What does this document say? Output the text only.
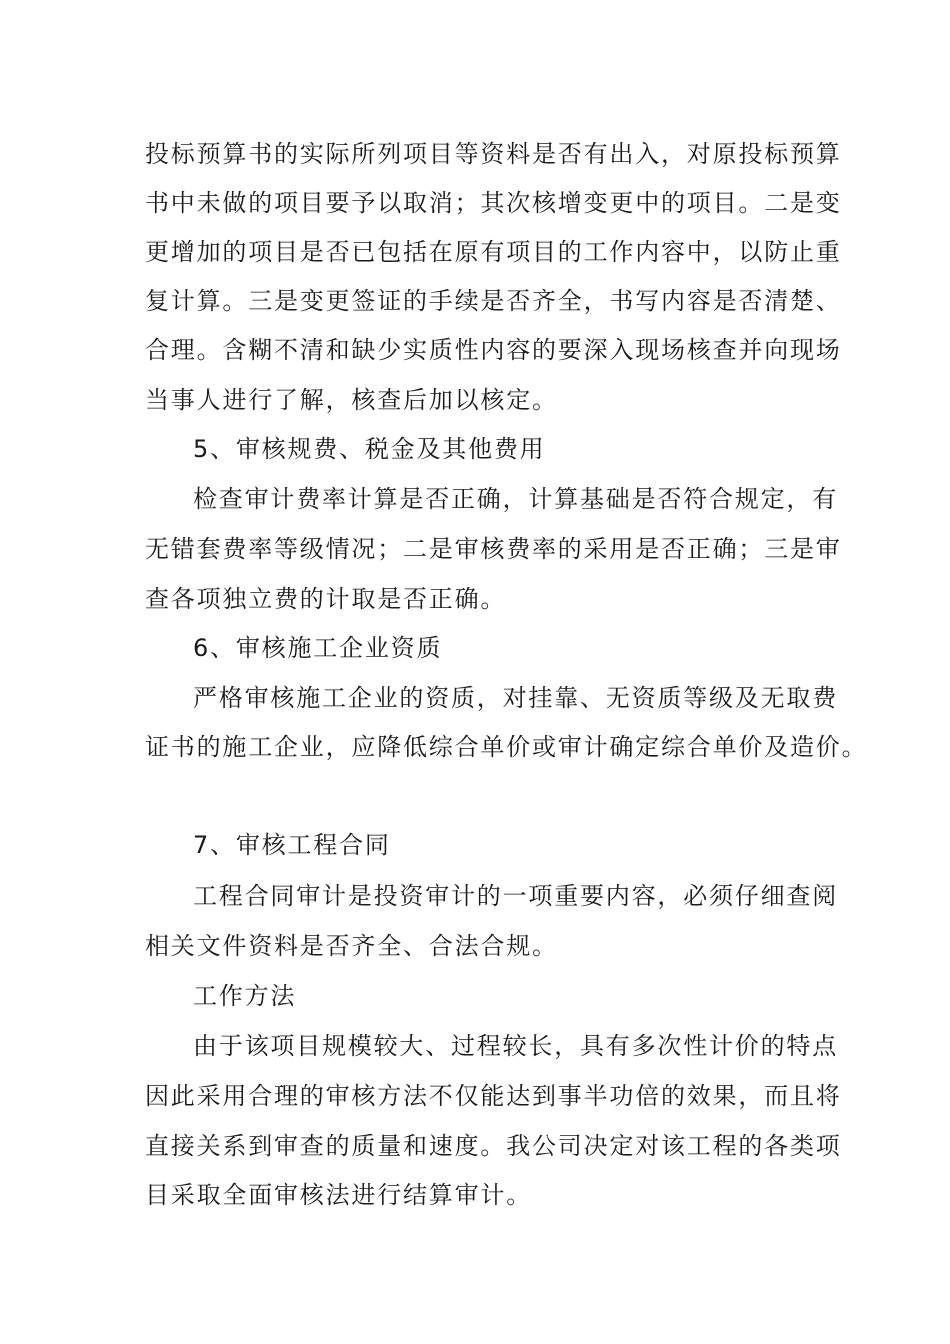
投标预算书的实际所列项目等资料是否有出入，对原投标预算
书中未做的项目要予以取消；其次核增变更中的项目。二是变
更增加的项目是否已包括在原有项目的工作内容中，以防止重
复计算。三是变更签证的手续是否齐全，书写内容是否清楚、
合理。含糊不清和缺少实质性内容的要深入现场核查并向现场
当事人进行了解，核查后加以核定。
5、审核规费、税金及其他费用
检查审计费率计算是否正确，计算基础是否符合规定，有
无错套费率等级情况；二是审核费率的采用是否正确；三是审
查各项独立费的计取是否正确。
6、审核施工企业资质
严格审核施工企业的资质，对挂靠、无资质等级及无取费
证书的施工企业，应降低综合单价或审计确定综合单价及造价。
7、审核工程合同
工程合同审计是投资审计的一项重要内容，必须仔细查阅
相关文件资料是否齐全、合法合规。
工作方法
由于该项目规模较大、过程较长，具有多次性计价的特点
因此采用合理的审核方法不仅能达到事半功倍的效果，而且将
直接关系到审查的质量和速度。我公司决定对该工程的各类项
目采取全面审核法进行结算审计。
